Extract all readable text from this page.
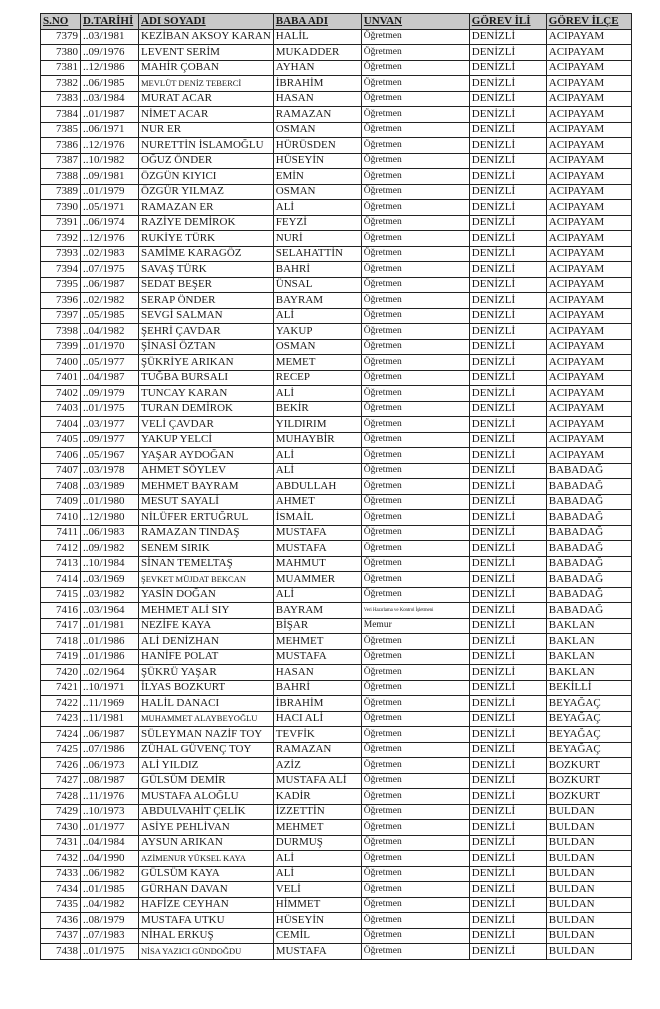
S.NO	D.TARİHİ	ADI SOYADI	BABA ADI	UNVAN	GÖREV İLİ	GÖREV İLÇE
7379	..03/1981	KEZİBAN AKSOY KARAN	HALİL	Öğretmen	DENİZLİ	ACIPAYAM
7380	..09/1976	LEVENT SERİM	MUKADDER	Öğretmen	DENİZLİ	ACIPAYAM
7381	..12/1986	MAHİR ÇOBAN	AYHAN	Öğretmen	DENİZLİ	ACIPAYAM
7382	..06/1985	MEVLÜT DENİZ TEBERCİ	İBRAHİM	Öğretmen	DENİZLİ	ACIPAYAM
7383	..03/1984	MURAT ACAR	HASAN	Öğretmen	DENİZLİ	ACIPAYAM
7384	..01/1987	NİMET ACAR	RAMAZAN	Öğretmen	DENİZLİ	ACIPAYAM
7385	..06/1971	NUR ER	OSMAN	Öğretmen	DENİZLİ	ACIPAYAM
7386	..12/1976	NURETTİN İSLAMOĞLU	HÜRÜSDEN	Öğretmen	DENİZLİ	ACIPAYAM
7387	..10/1982	OĞUZ ÖNDER	HÜSEYİN	Öğretmen	DENİZLİ	ACIPAYAM
7388	..09/1981	ÖZGÜN KIYICI	EMİN	Öğretmen	DENİZLİ	ACIPAYAM
7389	..01/1979	ÖZGÜR YILMAZ	OSMAN	Öğretmen	DENİZLİ	ACIPAYAM
7390	..05/1971	RAMAZAN ER	ALİ	Öğretmen	DENİZLİ	ACIPAYAM
7391	..06/1974	RAZİYE DEMİROK	FEYZİ	Öğretmen	DENİZLİ	ACIPAYAM
7392	..12/1976	RUKİYE TÜRK	NURİ	Öğretmen	DENİZLİ	ACIPAYAM
7393	..02/1983	SAMİME KARAGÖZ	SELAHATTİN	Öğretmen	DENİZLİ	ACIPAYAM
7394	..07/1975	SAVAŞ TÜRK	BAHRİ	Öğretmen	DENİZLİ	ACIPAYAM
7395	..06/1987	SEDAT BEŞER	ÜNSAL	Öğretmen	DENİZLİ	ACIPAYAM
7396	..02/1982	SERAP ÖNDER	BAYRAM	Öğretmen	DENİZLİ	ACIPAYAM
7397	..05/1985	SEVGİ SALMAN	ALİ	Öğretmen	DENİZLİ	ACIPAYAM
7398	..04/1982	ŞEHRİ ÇAVDAR	YAKUP	Öğretmen	DENİZLİ	ACIPAYAM
7399	..01/1970	ŞİNASİ ÖZTAN	OSMAN	Öğretmen	DENİZLİ	ACIPAYAM
7400	..05/1977	ŞÜKRİYE ARIKAN	MEMET	Öğretmen	DENİZLİ	ACIPAYAM
7401	..04/1987	TUĞBA BURSALI	RECEP	Öğretmen	DENİZLİ	ACIPAYAM
7402	..09/1979	TUNCAY KARAN	ALİ	Öğretmen	DENİZLİ	ACIPAYAM
7403	..01/1975	TURAN DEMİROK	BEKİR	Öğretmen	DENİZLİ	ACIPAYAM
7404	..03/1977	VELİ ÇAVDAR	YILDIRIM	Öğretmen	DENİZLİ	ACIPAYAM
7405	..09/1977	YAKUP YELCİ	MUHAYBİR	Öğretmen	DENİZLİ	ACIPAYAM
7406	..05/1967	YAŞAR AYDOĞAN	ALİ	Öğretmen	DENİZLİ	ACIPAYAM
7407	..03/1978	AHMET SÖYLEV	ALİ	Öğretmen	DENİZLİ	BABADAĞ
7408	..03/1989	MEHMET BAYRAM	ABDULLAH	Öğretmen	DENİZLİ	BABADAĞ
7409	..01/1980	MESUT SAYALİ	AHMET	Öğretmen	DENİZLİ	BABADAĞ
7410	..12/1980	NİLÜFER ERTUĞRUL	İSMAİL	Öğretmen	DENİZLİ	BABADAĞ
7411	..06/1983	RAMAZAN TINDAŞ	MUSTAFA	Öğretmen	DENİZLİ	BABADAĞ
7412	..09/1982	SENEM SIRIK	MUSTAFA	Öğretmen	DENİZLİ	BABADAĞ
7413	..10/1984	SİNAN TEMELTAŞ	MAHMUT	Öğretmen	DENİZLİ	BABADAĞ
7414	..03/1969	ŞEVKET MÜJDAT BEKCAN	MUAMMER	Öğretmen	DENİZLİ	BABADAĞ
7415	..03/1982	YASİN DOĞAN	ALİ	Öğretmen	DENİZLİ	BABADAĞ
7416	..03/1964	MEHMET ALİ SIY	BAYRAM	Veri Hazırlama ve Kontrol İşletmeni	DENİZLİ	BABADAĞ
7417	..01/1981	NEZİFE KAYA	BİŞAR	Memur	DENİZLİ	BAKLAN
7418	..01/1986	ALİ DENİZHAN	MEHMET	Öğretmen	DENİZLİ	BAKLAN
7419	..01/1986	HANİFE POLAT	MUSTAFA	Öğretmen	DENİZLİ	BAKLAN
7420	..02/1964	ŞÜKRÜ YAŞAR	HASAN	Öğretmen	DENİZLİ	BAKLAN
7421	..10/1971	İLYAS BOZKURT	BAHRİ	Öğretmen	DENİZLİ	BEKİLLİ
7422	..11/1969	HALİL DANACI	İBRAHİM	Öğretmen	DENİZLİ	BEYAĞAÇ
7423	..11/1981	MUHAMMET ALAYBEYOĞLU	HACI ALİ	Öğretmen	DENİZLİ	BEYAĞAÇ
7424	..06/1987	SÜLEYMAN NAZİF TOY	TEVFİK	Öğretmen	DENİZLİ	BEYAĞAÇ
7425	..07/1986	ZÜHAL GÜVENÇ TOY	RAMAZAN	Öğretmen	DENİZLİ	BEYAĞAÇ
7426	..06/1973	ALİ YILDIZ	AZİZ	Öğretmen	DENİZLİ	BOZKURT
7427	..08/1987	GÜLSÜM DEMİR	MUSTAFA ALİ	Öğretmen	DENİZLİ	BOZKURT
7428	..11/1976	MUSTAFA ALOĞLU	KADİR	Öğretmen	DENİZLİ	BOZKURT
7429	..10/1973	ABDULVAHİT ÇELİK	İZZETTİN	Öğretmen	DENİZLİ	BULDAN
7430	..01/1977	ASİYE PEHLİVAN	MEHMET	Öğretmen	DENİZLİ	BULDAN
7431	..04/1984	AYSUN ARIKAN	DURMUŞ	Öğretmen	DENİZLİ	BULDAN
7432	..04/1990	AZİMENUR YÜKSEL KAYA	ALİ	Öğretmen	DENİZLİ	BULDAN
7433	..06/1982	GÜLSÜM KAYA	ALİ	Öğretmen	DENİZLİ	BULDAN
7434	..01/1985	GÜRHAN DAVAN	VELİ	Öğretmen	DENİZLİ	BULDAN
7435	..04/1982	HAFİZE CEYHAN	HİMMET	Öğretmen	DENİZLİ	BULDAN
7436	..08/1979	MUSTAFA UTKU	HÜSEYİN	Öğretmen	DENİZLİ	BULDAN
7437	..07/1983	NİHAL ERKUŞ	CEMİL	Öğretmen	DENİZLİ	BULDAN
7438	..01/1975	NİSA YAZICI GÜNDOĞDU	MUSTAFA	Öğretmen	DENİZLİ	BULDAN
